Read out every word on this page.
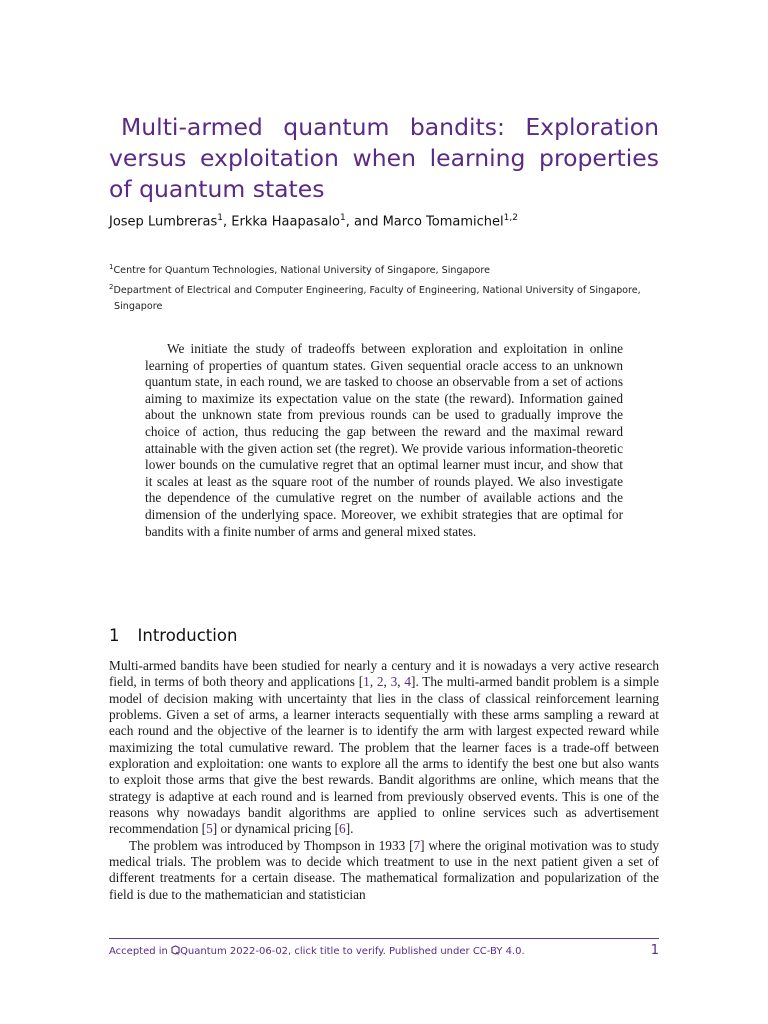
Multi-armed quantum bandits: Exploration versus exploitation when learning properties of quantum states
Josep Lumbreras$^1$, Erkka Haapasalo$^1$, and Marco Tomamichel$^{1,2}$
$^1$Centre for Quantum Technologies, National University of Singapore, Singapore
$^2$Department of Electrical and Computer Engineering, Faculty of Engineering, National University of Singapore,
Singapore
We initiate the study of tradeoffs between exploration and exploitation in online learning of properties of quantum states. Given sequential oracle access to an unknown quantum state, in each round, we are tasked to choose an observable from a set of actions aiming to maximize its expectation value on the state (the reward). Information gained about the unknown state from previous rounds can be used to gradually improve the choice of action, thus reducing the gap between the reward and the maximal reward attainable with the given action set (the regret). We provide various information-theoretic lower bounds on the cumulative regret that an optimal learner must incur, and show that it scales at least as the square root of the number of rounds played. We also investigate the dependence of the cumulative regret on the number of available actions and the dimension of the underlying space. Moreover, we exhibit strategies that are optimal for bandits with a finite number of arms and general mixed states.
1 Introduction

Multi-armed bandits have been studied for nearly a century and it is nowadays a very active research field, in terms of both theory and applications [1, 2, 3, 4]. The multi-armed bandit problem is a simple model of decision making with uncertainty that lies in the class of classical reinforcement learning problems. Given a set of arms, a learner interacts sequentially with these arms sampling a reward at each round and the objective of the learner is to identify the arm with largest expected reward while maximizing the total cumulative reward. The problem that the learner faces is a trade-off between exploration and exploitation: one wants to explore all the arms to identify the best one but also wants to exploit those arms that give the best rewards. Bandit algorithms are online, which means that the strategy is adaptive at each round and is learned from previously observed events. This is one of the reasons why nowadays bandit algorithms are applied to online services such as advertisement recommendation [5] or dynamical pricing [6].

The problem was introduced by Thompson in 1933 [7] where the original motivation was to study medical trials. The problem was to decide which treatment to use in the next patient given a set of different treatments for a certain disease. The mathematical formalization and popularization of the field is due to the mathematician and statistician

Accepted in Quantum 2022-06-02, click title to verify. Published under CC-BY 4.0.	1
